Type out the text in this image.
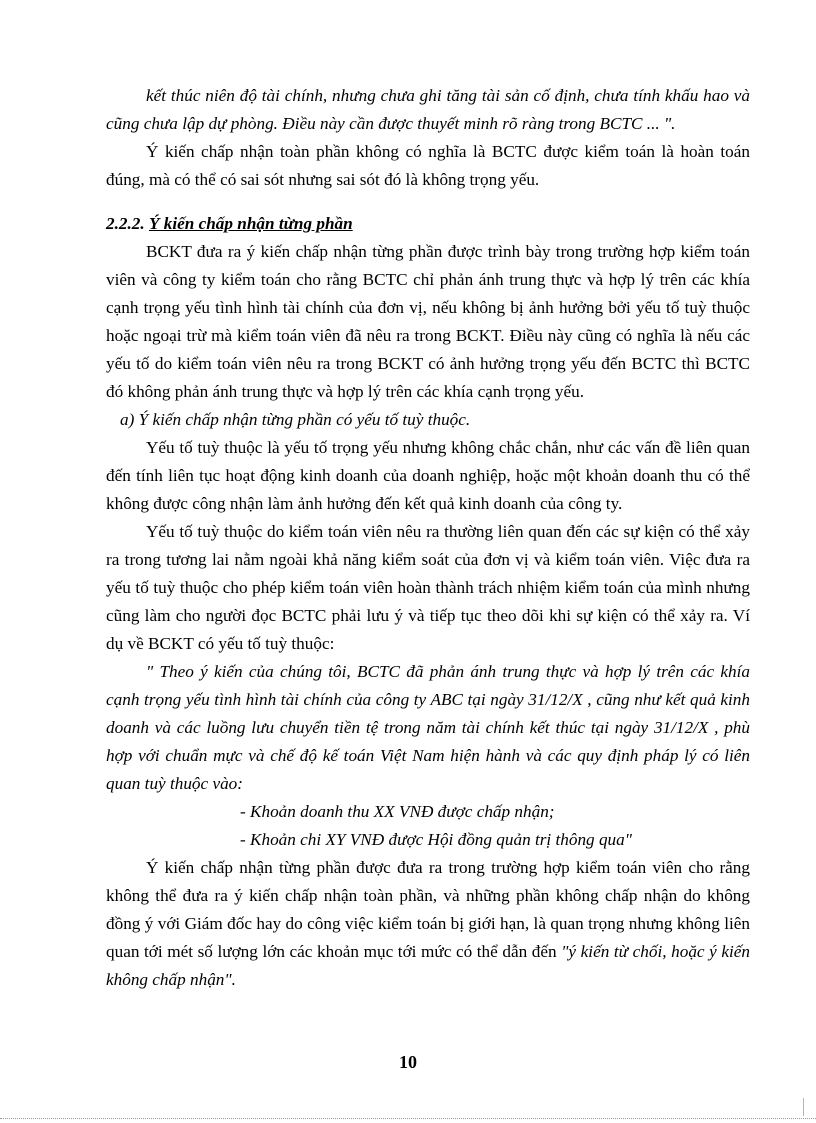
kết thúc niên độ tài chính, nhưng chưa ghi tăng tài sản cố định, chưa tính khấu hao và cũng chưa lập dự phòng. Điều này cần được thuyết minh rõ ràng trong BCTC ... ".

Ý kiến chấp nhận toàn phần không có nghĩa là BCTC được kiểm toán là hoàn toán đúng, mà có thể có sai sót nhưng sai sót đó là không trọng yếu.

2.2.2. Ý kiến chấp nhận từng phần

BCKT đưa ra ý kiến chấp nhận từng phần được trình bày trong trường hợp kiểm toán viên và công ty kiểm toán cho rằng BCTC chỉ phản ánh trung thực và hợp lý trên các khía cạnh trọng yếu tình hình tài chính của đơn vị, nếu không bị ảnh hưởng bởi yếu tố tuỳ thuộc hoặc ngoại trừ mà kiểm toán viên đã nêu ra trong BCKT. Điều này cũng có nghĩa là nếu các yếu tố do kiểm toán viên nêu ra trong BCKT có ảnh hưởng trọng yếu đến BCTC thì BCTC đó không phản ánh trung thực và hợp lý trên các khía cạnh trọng yếu.

a) Ý kiến chấp nhận từng phần có yếu tố tuỳ thuộc.

Yếu tố tuỳ thuộc là yếu tố trọng yếu nhưng không chắc chắn, như các vấn đề liên quan đến tính liên tục hoạt động kinh doanh của doanh nghiệp, hoặc một khoản doanh thu có thể không được công nhận làm ảnh hưởng đến kết quả kinh doanh của công ty.

Yếu tố tuỳ thuộc do kiểm toán viên nêu ra thường liên quan đến các sự kiện có thể xảy ra trong tương lai nằm ngoài khả năng kiểm soát của đơn vị và kiểm toán viên. Việc đưa ra yếu tố tuỳ thuộc cho phép kiểm toán viên hoàn thành trách nhiệm kiểm toán của mình nhưng cũng làm cho người đọc BCTC phải lưu ý và tiếp tục theo dõi khi sự kiện có thể xảy ra. Ví dụ về BCKT có yếu tố tuỳ thuộc:

" Theo ý kiến của chúng tôi, BCTC đã phản ánh trung thực và hợp lý trên các khía cạnh trọng yếu tình hình tài chính của công ty ABC tại ngày 31/12/X , cũng như kết quả kinh doanh và các luồng lưu chuyển tiền tệ trong năm tài chính kết thúc tại ngày 31/12/X , phù hợp với chuẩn mực và chế độ kế toán Việt Nam hiện hành và các quy định pháp lý có liên quan tuỳ thuộc vào:

- Khoản doanh thu XX VNĐ được chấp nhận;

- Khoản chi XY VNĐ được Hội đồng quản trị thông qua"

Ý kiến chấp nhận từng phần được đưa ra trong trường hợp kiểm toán viên cho rằng không thể đưa ra ý kiến chấp nhận toàn phần, và những phần không chấp nhận do không đồng ý với Giám đốc hay do công việc kiểm toán bị giới hạn, là quan trọng nhưng không liên quan tới mét số lượng lớn các khoản mục tới mức có thể dẫn đến "ý kiến từ chối, hoặc ý kiến không chấp nhận".

10
